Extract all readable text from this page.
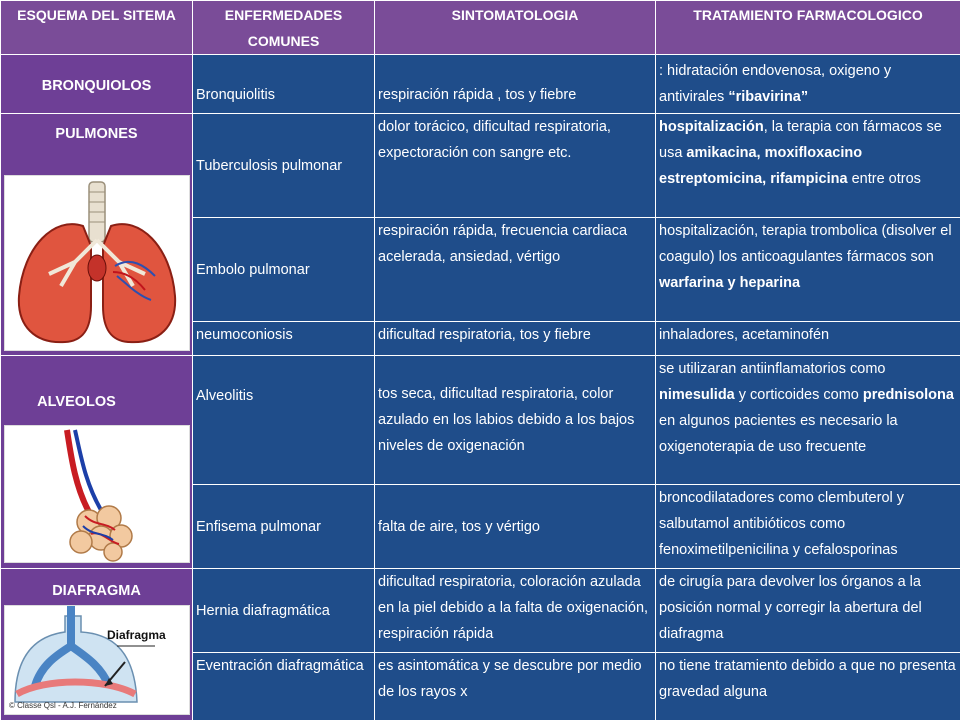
ESQUEMA DEL SITEMA	ENFERMEDADES COMUNES	SINTOMATOLOGIA	TRATAMIENTO FARMACOLOGICO

BRONQUIOLOS	Bronquiolitis	respiración rápida , tos y fiebre	: hidratación endovenosa, oxigeno y antivirales “ribavirina”

PULMONES	Tuberculosis pulmonar	dolor torácico, dificultad respiratoria, expectoración con sangre etc.	hospitalización, la terapia con fármacos se usa amikacina, moxifloxacino estreptomicina, rifampicina entre otros
	Embolo pulmonar	respiración rápida, frecuencia cardiaca acelerada, ansiedad, vértigo	hospitalización, terapia trombolica (disolver el coagulo) los anticoagulantes fármacos son warfarina y heparina
	neumoconiosis	dificultad respiratoria, tos y fiebre	inhaladores, acetaminofén

ALVEOLOS	Alveolitis	tos seca, dificultad respiratoria, color azulado en los labios debido a los bajos niveles de oxigenación	se utilizaran antiinflamatorios como nimesulida y corticoides como prednisolona en algunos pacientes es necesario la oxigenoterapia de uso frecuente
	Enfisema pulmonar	falta de aire, tos y vértigo	broncodilatadores como clembuterol y salbutamol antibióticos como fenoximetilpenicilina y cefalosporinas

DIAFRAGMA
Diafragma
© Classe Qsl - A.J. Fernández	Hernia diafragmática	dificultad respiratoria, coloración azulada en la piel debido a la falta de oxigenación, respiración rápida	de cirugía para devolver los órganos a la posición normal y corregir la abertura del diafragma
	Eventración diafragmática	es asintomática y se descubre por medio de los rayos x	no tiene tratamiento debido a que no presenta gravedad alguna
